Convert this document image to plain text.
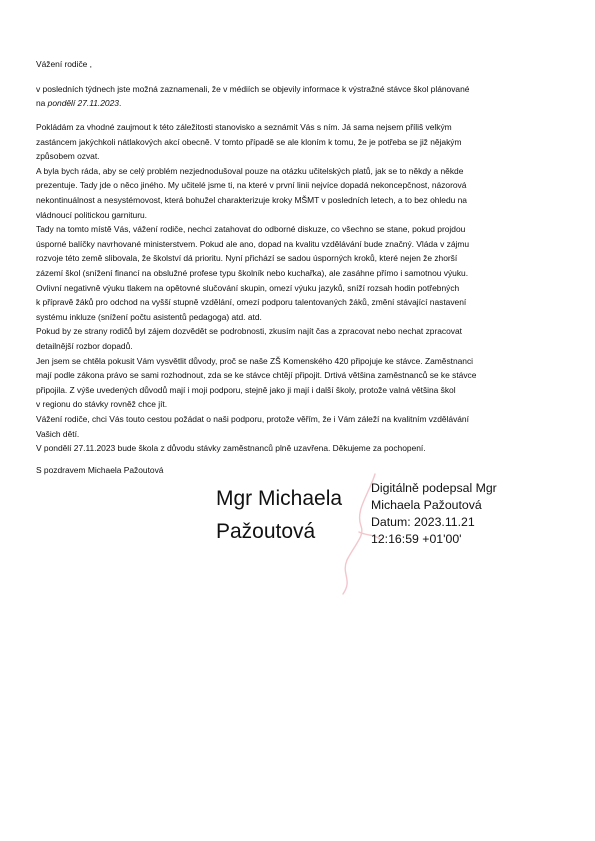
Vážení rodiče ,
v posledních týdnech jste možná zaznamenali, že v médiích se objevily informace k výstražné stávce škol plánované
na pondělí 27.11.2023.
Pokládám za vhodné zaujmout k této záležitosti stanovisko a seznámit Vás s ním. Já sama nejsem příliš velkým
zastáncem jakýchkoli nátlakových akcí obecně. V tomto případě se ale kloním k tomu, že je potřeba se již nějakým
způsobem ozvat.
A byla bych ráda, aby se celý problém nezjednodušoval pouze na otázku učitelských platů, jak se to někdy a někde
prezentuje. Tady jde o něco jiného. My učitelé jsme ti, na které v první linii nejvíce dopadá nekoncepčnost, názorová
nekontinuálnost a nesystémovost, která bohužel charakterizuje kroky MŠMT v posledních letech, a to bez ohledu na
vládnoucí politickou garnituru.
Tady na tomto místě Vás, vážení rodiče, nechci zatahovat do odborné diskuze, co všechno se stane, pokud projdou
úsporné balíčky navrhované ministerstvem. Pokud ale ano, dopad na kvalitu vzdělávání bude značný. Vláda v zájmu
rozvoje této země slibovala, že školství dá prioritu. Nyní přichází se sadou úsporných kroků, které nejen že zhorší
zázemí škol (snížení financí na obslužné profese typu školník nebo kuchařka), ale zasáhne přímo i samotnou výuku.
Ovlivní negativně výuku tlakem na opětovné slučování skupin, omezí výuku jazyků, sníží rozsah hodin potřebných
k přípravě žáků pro odchod na vyšší stupně vzdělání, omezí podporu talentovaných žáků, změní stávající nastavení
systému inkluze (snížení počtu asistentů pedagoga) atd. atd.
Pokud by ze strany rodičů byl zájem dozvědět se podrobnosti, zkusím najít čas a zpracovat nebo nechat zpracovat
detailnější rozbor dopadů.
Jen jsem se chtěla pokusit Vám vysvětlit důvody, proč se naše ZŠ Komenského 420 připojuje ke stávce. Zaměstnanci
mají podle zákona právo se sami rozhodnout, zda se ke stávce chtějí připojit. Drtivá většina zaměstnanců se ke stávce
připojila. Z výše uvedených důvodů mají i moji podporu, stejně jako ji mají i další školy, protože valná většina škol
v regionu do stávky rovněž chce jít.
Vážení rodiče, chci Vás touto cestou požádat o naši podporu, protože věřím, že i Vám záleží na kvalitním vzdělávání
Vašich dětí.
V pondělí 27.11.2023 bude škola z důvodu stávky zaměstnanců plně uzavřena. Děkujeme za pochopení.
S pozdravem Michaela Pažoutová
Mgr Michaela
Pažoutová
Digitálně podepsal Mgr
Michaela Pažoutová
Datum: 2023.11.21
12:16:59 +01'00'
